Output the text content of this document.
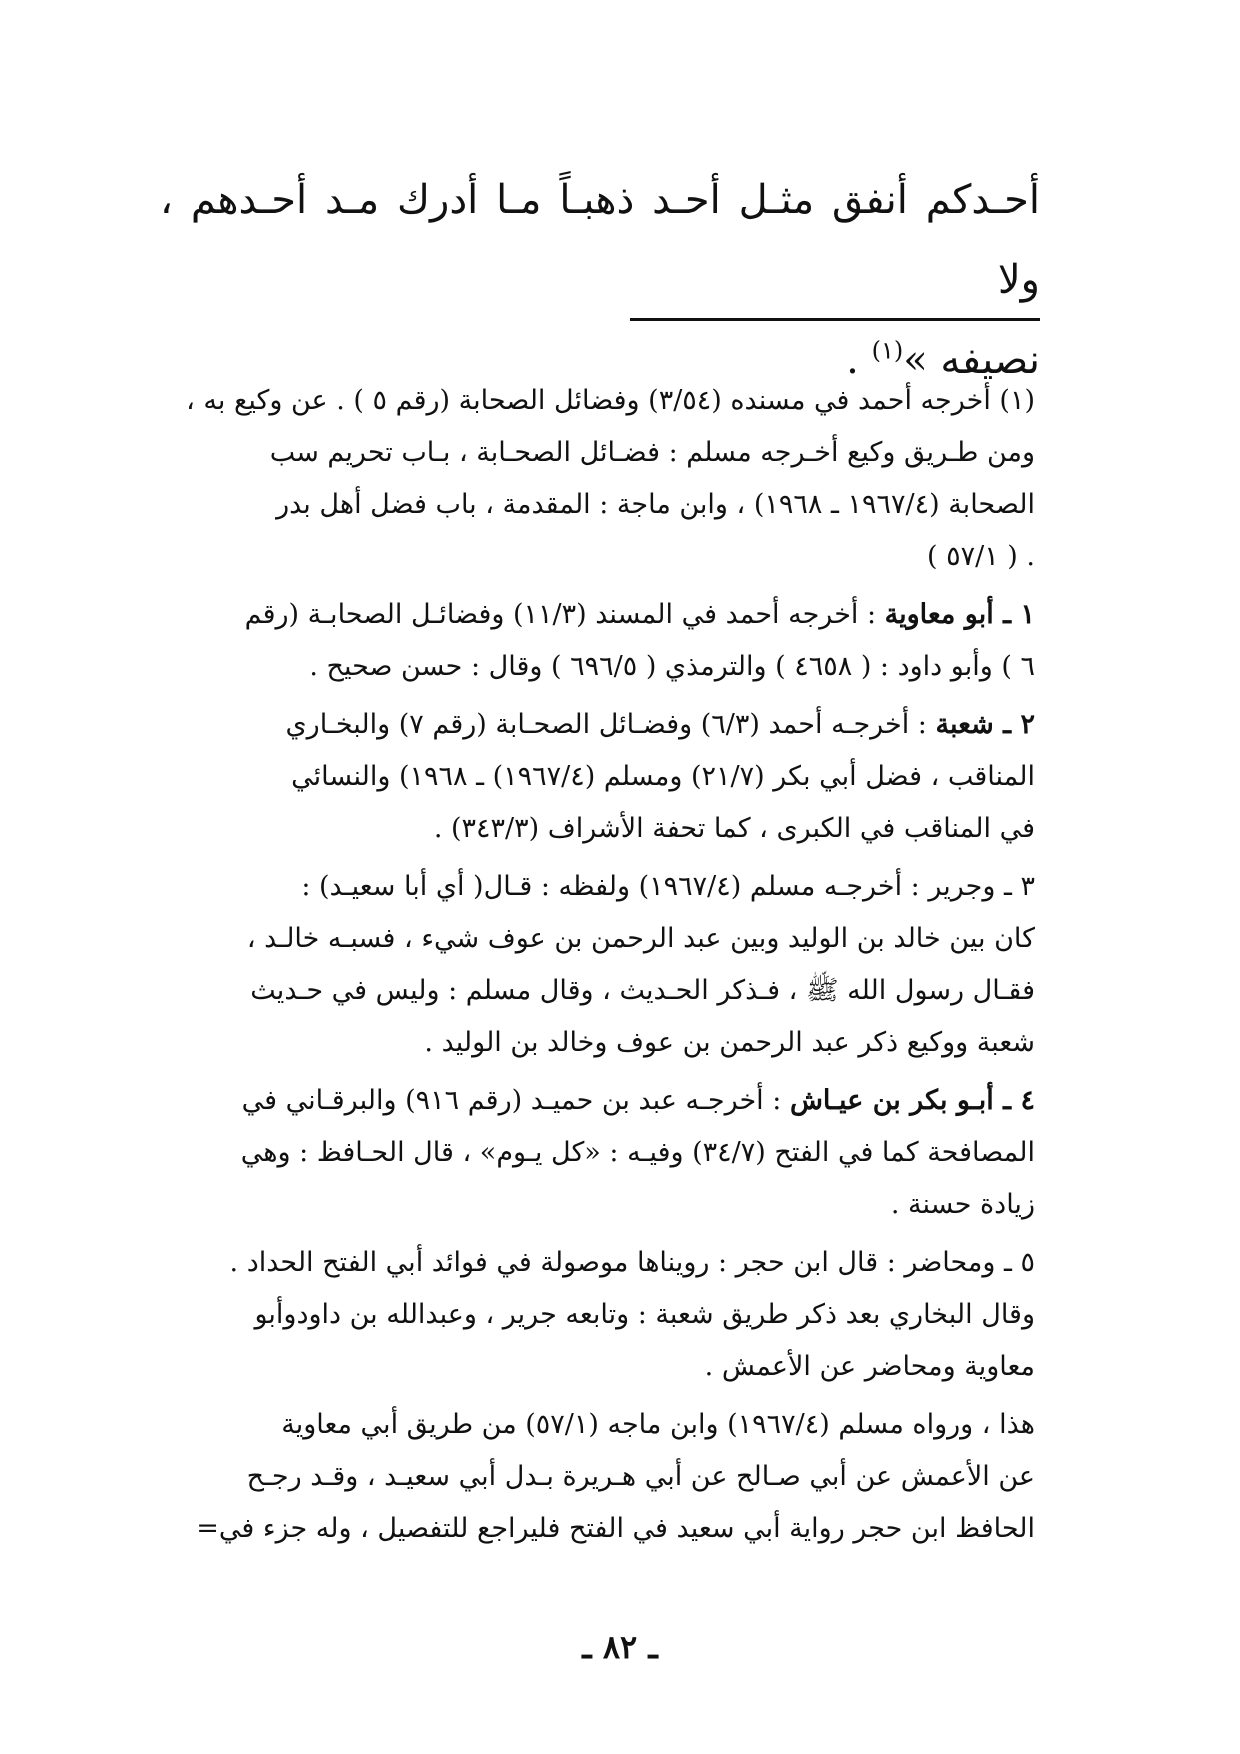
أحـدكم أنفق مثـل أحـد ذهبـاً مـا أدرك مـد أحـدهم ، ولا

نصيفه »$^{(١)}$ .

(١) أخرجه أحمد في مسنده (٣/٥٤) وفضائل الصحابة (رقم ٥ ) . عن وكيع به ،
ومن طـريق وكيع أخـرجه مسلم : فضـائل الصحـابة ، بـاب تحريم سب
الصحابة (١٩٦٧/٤ ـ ١٩٦٨) ، وابن ماجة : المقدمة ، باب فضل أهل بدر
. ( ٥٧/١ )
١ ـ أبو معاوية : أخرجه أحمد في المسند (١١/٣) وفضائـل الصحابـة (رقم
٦ ) وأبو داود : ( ٤٦٥٨ ) والترمذي ( ٦٩٦/٥ ) وقال : حسن صحيح .
٢ ـ شعبة : أخرجـه أحمد (٦/٣) وفضـائل الصحـابة (رقم ٧) والبخـاري
المناقب ، فضل أبي بكر (٢١/٧) ومسلم (١٩٦٧/٤) ـ ١٩٦٨) والنسائي
في المناقب في الكبرى ، كما تحفة الأشراف (٣٤٣/٣) .
٣ ـ وجرير : أخرجـه مسلم (١٩٦٧/٤) ولفظه : قـال( أي أبا سعيـد) :
كان بين خالد بن الوليد وبين عبد الرحمن بن عوف شيء ، فسبـه خالـد ،
فقـال رسول الله ﷺ ، فـذكر الحـديث ، وقال مسلم : وليس في حـديث
شعبة ووكيع ذكر عبد الرحمن بن عوف وخالد بن الوليد .
٤ ـ أبـو بكر بن عيـاش : أخرجـه عبد بن حميـد (رقم ٩١٦) والبرقـاني في
المصافحة كما في الفتح (٣٤/٧) وفيـه : «كل يـوم» ، قال الحـافظ : وهي
زيادة حسنة .
٥ ـ ومحاضر : قال ابن حجر : رويناها موصولة في فوائد أبي الفتح الحداد .
وقال البخاري بعد ذكر طريق شعبة : وتابعه جرير ، وعبدالله بن داودوأبو
معاوية ومحاضر عن الأعمش .
هذا ، ورواه مسلم (١٩٦٧/٤) وابن ماجه (٥٧/١) من طريق أبي معاوية
عن الأعمش عن أبي صـالح عن أبي هـريرة بـدل أبي سعيـد ، وقـد رجـح
الحافظ ابن حجر رواية أبي سعيد في الفتح فليراجع للتفصيل ، وله جزء في=
ـ ٨٢ ـ
